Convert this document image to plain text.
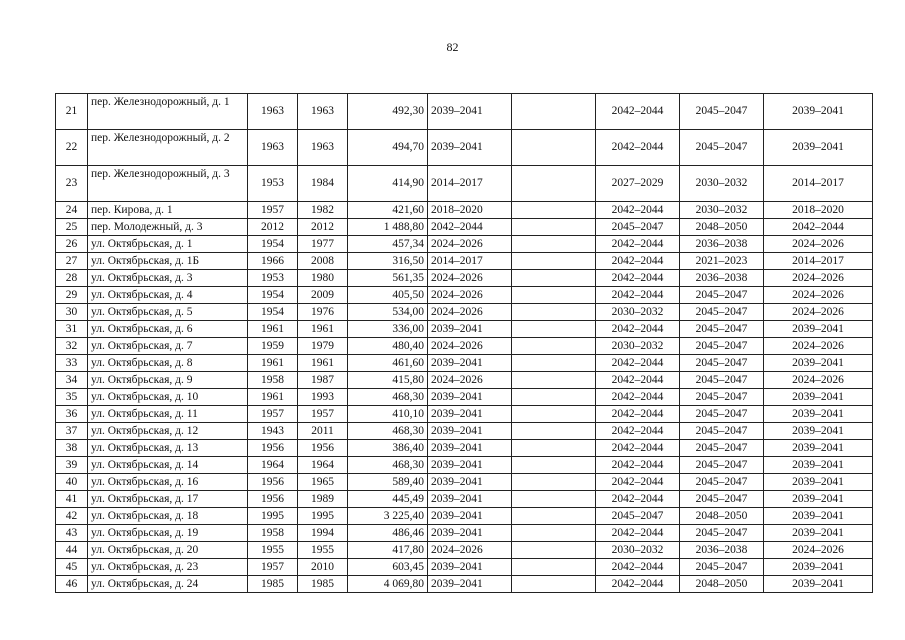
82
21	пер. Железнодорожный, д. 1	1963	1963	492,30	2039–2041		2042–2044	2045–2047	2039–2041
22	пер. Железнодорожный, д. 2	1963	1963	494,70	2039–2041		2042–2044	2045–2047	2039–2041
23	пер. Железнодорожный, д. 3	1953	1984	414,90	2014–2017		2027–2029	2030–2032	2014–2017
24	пер. Кирова, д. 1	1957	1982	421,60	2018–2020		2042–2044	2030–2032	2018–2020
25	пер. Молодежный, д. 3	2012	2012	1 488,80	2042–2044		2045–2047	2048–2050	2042–2044
26	ул. Октябрьская, д. 1	1954	1977	457,34	2024–2026		2042–2044	2036–2038	2024–2026
27	ул. Октябрьская, д. 1Б	1966	2008	316,50	2014–2017		2042–2044	2021–2023	2014–2017
28	ул. Октябрьская, д. 3	1953	1980	561,35	2024–2026		2042–2044	2036–2038	2024–2026
29	ул. Октябрьская, д. 4	1954	2009	405,50	2024–2026		2042–2044	2045–2047	2024–2026
30	ул. Октябрьская, д. 5	1954	1976	534,00	2024–2026		2030–2032	2045–2047	2024–2026
31	ул. Октябрьская, д. 6	1961	1961	336,00	2039–2041		2042–2044	2045–2047	2039–2041
32	ул. Октябрьская, д. 7	1959	1979	480,40	2024–2026		2030–2032	2045–2047	2024–2026
33	ул. Октябрьская, д. 8	1961	1961	461,60	2039–2041		2042–2044	2045–2047	2039–2041
34	ул. Октябрьская, д. 9	1958	1987	415,80	2024–2026		2042–2044	2045–2047	2024–2026
35	ул. Октябрьская, д. 10	1961	1993	468,30	2039–2041		2042–2044	2045–2047	2039–2041
36	ул. Октябрьская, д. 11	1957	1957	410,10	2039–2041		2042–2044	2045–2047	2039–2041
37	ул. Октябрьская, д. 12	1943	2011	468,30	2039–2041		2042–2044	2045–2047	2039–2041
38	ул. Октябрьская, д. 13	1956	1956	386,40	2039–2041		2042–2044	2045–2047	2039–2041
39	ул. Октябрьская, д. 14	1964	1964	468,30	2039–2041		2042–2044	2045–2047	2039–2041
40	ул. Октябрьская, д. 16	1956	1965	589,40	2039–2041		2042–2044	2045–2047	2039–2041
41	ул. Октябрьская, д. 17	1956	1989	445,49	2039–2041		2042–2044	2045–2047	2039–2041
42	ул. Октябрьская, д. 18	1995	1995	3 225,40	2039–2041		2045–2047	2048–2050	2039–2041
43	ул. Октябрьская, д. 19	1958	1994	486,46	2039–2041		2042–2044	2045–2047	2039–2041
44	ул. Октябрьская, д. 20	1955	1955	417,80	2024–2026		2030–2032	2036–2038	2024–2026
45	ул. Октябрьская, д. 23	1957	2010	603,45	2039–2041		2042–2044	2045–2047	2039–2041
46	ул. Октябрьская, д. 24	1985	1985	4 069,80	2039–2041		2042–2044	2048–2050	2039–2041
